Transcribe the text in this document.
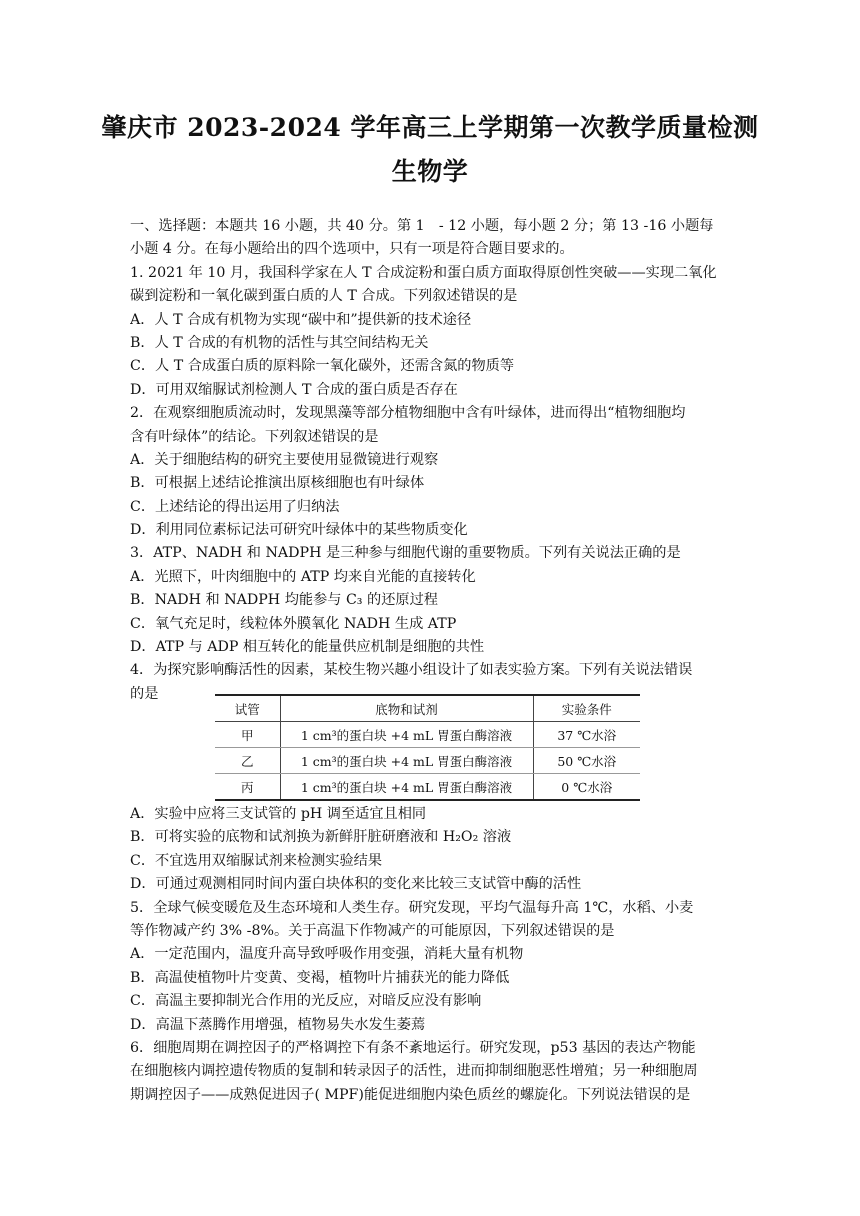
肇庆市 2023-2024 学年高三上学期第一次教学质量检测
生物学
一、选择题：本题共 16 小题，共 40 分。第 1　- 12 小题，每小题 2 分；第 13 -16 小题每
小题 4 分。在每小题给出的四个选项中，只有一项是符合题目要求的。
1. 2021 年 10 月，我国科学家在人 T 合成淀粉和蛋白质方面取得原创性突破——实现二氧化
碳到淀粉和一氧化碳到蛋白质的人 T 合成。下列叙述错误的是
A．人 T 合成有机物为实现“碳中和”提供新的技术途径
B．人 T 合成的有机物的活性与其空间结构无关
C．人 T 合成蛋白质的原料除一氧化碳外，还需含氮的物质等
D．可用双缩脲试剂检测人 T 合成的蛋白质是否存在
2．在观察细胞质流动时，发现黑藻等部分植物细胞中含有叶绿体，进而得出“植物细胞均
含有叶绿体”的结论。下列叙述错误的是
A．关于细胞结构的研究主要使用显微镜进行观察
B．可根据上述结论推演出原核细胞也有叶绿体
C．上述结论的得出运用了归纳法
D．利用同位素标记法可研究叶绿体中的某些物质变化
3．ATP、NADH 和 NADPH 是三种参与细胞代谢的重要物质。下列有关说法正确的是
A．光照下，叶肉细胞中的 ATP 均来自光能的直接转化
B．NADH 和 NADPH 均能参与 C₃ 的还原过程
C．氧气充足时，线粒体外膜氧化 NADH 生成 ATP
D．ATP 与 ADP 相互转化的能量供应机制是细胞的共性
4．为探究影响酶活性的因素，某校生物兴趣小组设计了如表实验方案。下列有关说法错误
的是
试管	底物和试剂	实验条件
甲	1 cm³的蛋白块 +4 mL 胃蛋白酶溶液	37 ℃水浴
乙	1 cm³的蛋白块 +4 mL 胃蛋白酶溶液	50 ℃水浴
丙	1 cm³的蛋白块 +4 mL 胃蛋白酶溶液	0 ℃水浴
A．实验中应将三支试管的 pH 调至适宜且相同
B．可将实验的底物和试剂换为新鲜肝脏研磨液和 H₂O₂ 溶液
C．不宜选用双缩脲试剂来检测实验结果
D．可通过观测相同时间内蛋白块体积的变化来比较三支试管中酶的活性
5．全球气候变暖危及生态环境和人类生存。研究发现，平均气温每升高 1℃，水稻、小麦
等作物减产约 3% -8%。关于高温下作物减产的可能原因，下列叙述错误的是
A．一定范围内，温度升高导致呼吸作用变强，消耗大量有机物
B．高温使植物叶片变黄、变褐，植物叶片捕获光的能力降低
C．高温主要抑制光合作用的光反应，对暗反应没有影响
D．高温下蒸腾作用增强，植物易失水发生萎蔫
6．细胞周期在调控因子的严格调控下有条不紊地运行。研究发现，p53 基因的表达产物能
在细胞核内调控遗传物质的复制和转录因子的活性，进而抑制细胞恶性增殖；另一种细胞周
期调控因子——成熟促进因子( MPF)能促进细胞内染色质丝的螺旋化。下列说法错误的是
